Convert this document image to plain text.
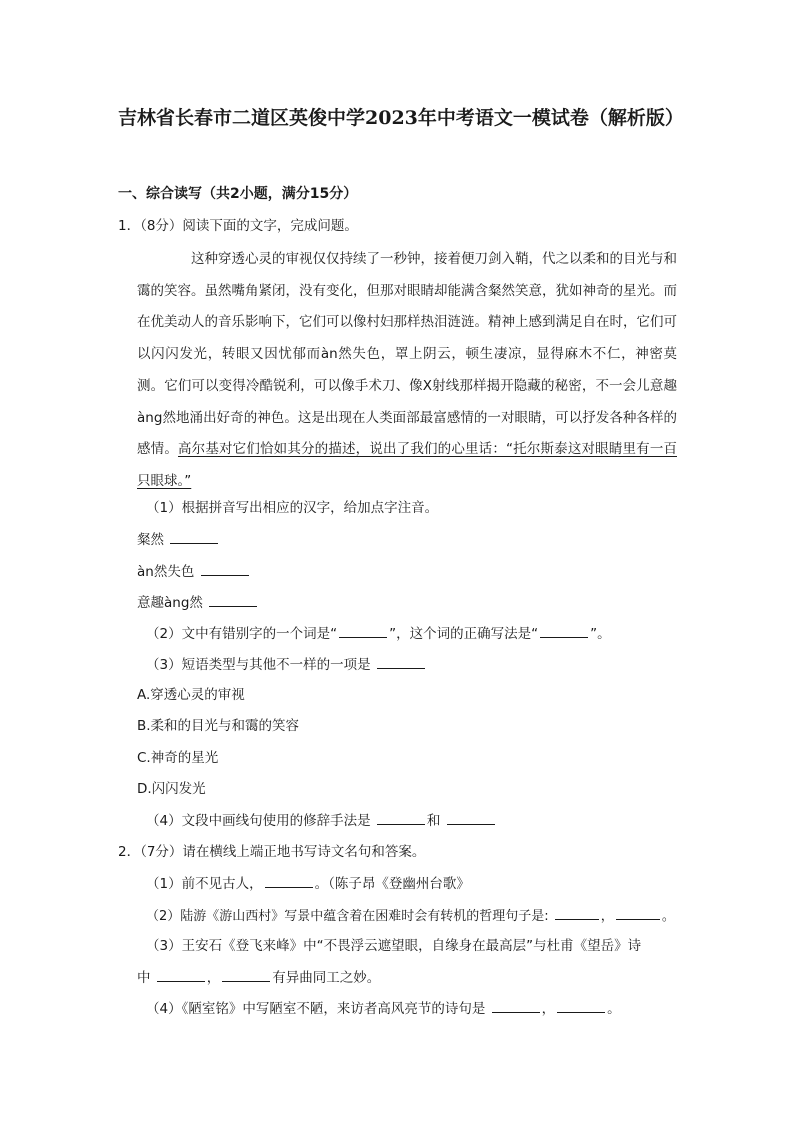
吉林省长春市二道区英俊中学2023年中考语文一模试卷（解析版）
一、综合读写（共2小题，满分15分）
1．（8分）阅读下面的文字，完成问题。
这种穿透心灵的审视仅仅持续了一秒钟，接着便刀剑入鞘，代之以柔和的目光与和霭的笑容。虽然嘴角紧闭，没有变化，但那对眼睛却能满含粲然笑意，犹如神奇的星光。而在优美动人的音乐影响下，它们可以像村妇那样热泪涟涟。精神上感到满足自在时，它们可以闪闪发光，转眼又因忧郁而àn然失色，罩上阴云，顿生凄凉，显得麻木不仁，神密莫测。它们可以变得冷酷锐利，可以像手术刀、像X射线那样揭开隐藏的秘密，不一会儿意趣àng然地涌出好奇的神色。这是出现在人类面部最富感情的一对眼睛，可以抒发各种各样的感情。高尔基对它们恰如其分的描述，说出了我们的心里话：“托尔斯泰这对眼睛里有一百只眼球。”
（1）根据拼音写出相应的汉字，给加点字注音。
粲然
àn然失色
意趣àng然
（2）文中有错别字的一个词是“	”，这个词的正确写法是“	”。
（3）短语类型与其他不一样的一项是
A.穿透心灵的审视
B.柔和的目光与和霭的笑容
C.神奇的星光
D.闪闪发光
（4）文段中画线句使用的修辞手法是	和
2．（7分）请在横线上端正地书写诗文名句和答案。
（1）前不见古人，	。（陈子昂《登幽州台歌》
（2）陆游《游山西村》写景中蕴含着在困难时会有转机的哲理句子是:	，	。
（3）王安石《登飞来峰》中“不畏浮云遮望眼，自缘身在最高层”与杜甫《望岳》诗
中	，	有异曲同工之妙。
（4）《陋室铭》中写陋室不陋，来访者高风亮节的诗句是	，	。
